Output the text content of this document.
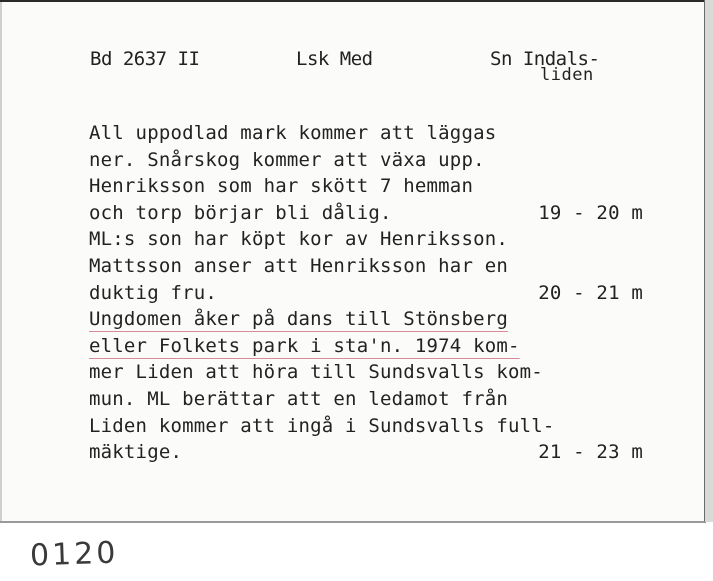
Bd 2637 II	Lsk Med	Sn Indals-
liden
All uppodlad mark kommer att läggas
ner. Snårskog kommer att växa upp.
Henriksson som har skött 7 hemman
och torp börjar bli dålig.	19 - 20 m
ML:s son har köpt kor av Henriksson.
Mattsson anser att Henriksson har en
duktig fru.	20 - 21 m
Ungdomen åker på dans till Stönsberg
eller Folkets park i sta'n. 1974 kom-
mer Liden att höra till Sundsvalls kom-
mun. ML berättar att en ledamot från
Liden kommer att ingå i Sundsvalls full-
mäktige.	21 - 23 m
0120
